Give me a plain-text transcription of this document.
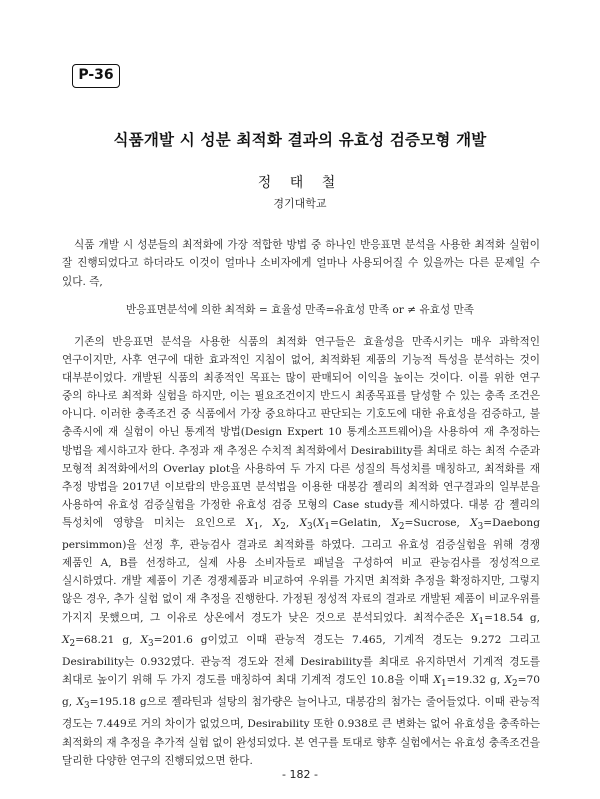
P-36
식품개발 시 성분 최적화 결과의 유효성 검증모형 개발
정 태 철
경기대학교
식품 개발 시 성분들의 최적화에 가장 적합한 방법 중 하나인 반응표면 분석을 사용한 최적화 실험이 잘 진행되었다고 하더라도 이것이 얼마나 소비자에게 얼마나 사용되어질 수 있을까는 다른 문제일 수 있다. 즉,
반응표면분석에 의한 최적화 = 효율성 만족=유효성 만족 or ≠ 유효성 만족
기존의 반응표면 분석을 사용한 식품의 최적화 연구들은 효율성을 만족시키는 매우 과학적인 연구이지만, 사후 연구에 대한 효과적인 지침이 없어, 최적화된 제품의 기능적 특성을 분석하는 것이 대부분이었다. 개발된 식품의 최종적인 목표는 많이 판매되어 이익을 높이는 것이다. 이를 위한 연구 중의 하나로 최적화 실험을 하지만, 이는 필요조건이지 반드시 최종목표를 달성할 수 있는 충족 조건은 아니다. 이러한 충족조건 중 식품에서 가장 중요하다고 판단되는 기호도에 대한 유효성을 검증하고, 불 충족시에 재 실험이 아닌 통계적 방법(Design Expert 10 통계소프트웨어)을 사용하여 재 추정하는 방법을 제시하고자 한다. 추정과 재 추정은 수치적 최적화에서 Desirability를 최대로 하는 최적 수준과 모형적 최적화에서의 Overlay plot을 사용하여 두 가지 다른 성질의 특성치를 매칭하고, 최적화를 재 추정 방법을 2017년 이보람의 반응표면 분석법을 이용한 대봉감 젤리의 최적화 연구결과의 일부분을 사용하여 유효성 검증실험을 가정한 유효성 검증 모형의 Case study를 제시하였다. 대봉 감 젤리의 특성치에 영향을 미치는 요인으로 $X_1$, $X_2$, $X_3(X_1=Gelatin$, $X_2=Sucrose$, $X_3=Daebong$ persimmon)을 선정 후, 관능검사 결과로 최적화를 하였다. 그리고 유효성 검증실험을 위해 경쟁 제품인 A, B를 선정하고, 실제 사용 소비자들로 패널을 구성하여 비교 관능검사를 정성적으로 실시하였다. 개발 제품이 기존 경쟁제품과 비교하여 우위를 가지면 최적화 추정을 확정하지만, 그렇지 않은 경우, 추가 실험 없이 재 추정을 진행한다. 가정된 정성적 자료의 결과로 개발된 제품이 비교우위를 가지지 못했으며, 그 이유로 상온에서 경도가 낮은 것으로 분석되었다. 최적수준은 $X_1=18.54$ g, $X_2=68.21$ g, $X_3=201.6$ g이었고 이때 관능적 경도는 7.465, 기계적 경도는 9.272 그리고 Desirability는 0.932였다. 관능적 경도와 전체 Desirability를 최대로 유지하면서 기계적 경도를 최대로 높이기 위해 두 가지 경도를 매칭하여 최대 기계적 경도인 10.8을 이때 $X_1=19.32$ g, $X_2=70$ g, $X_3=195.18$ g으로 젤라틴과 설탕의 첨가량은 늘어나고, 대봉감의 첨가는 줄어들었다. 이때 관능적 경도는 7.449로 거의 차이가 없었으며, Desirability 또한 0.938로 큰 변화는 없어 유효성을 충족하는 최적화의 재 추정을 추가적 실험 없이 완성되었다. 본 연구를 토대로 향후 실험에서는 유효성 충족조건을 달리한 다양한 연구의 진행되었으면 한다.
- 182 -
